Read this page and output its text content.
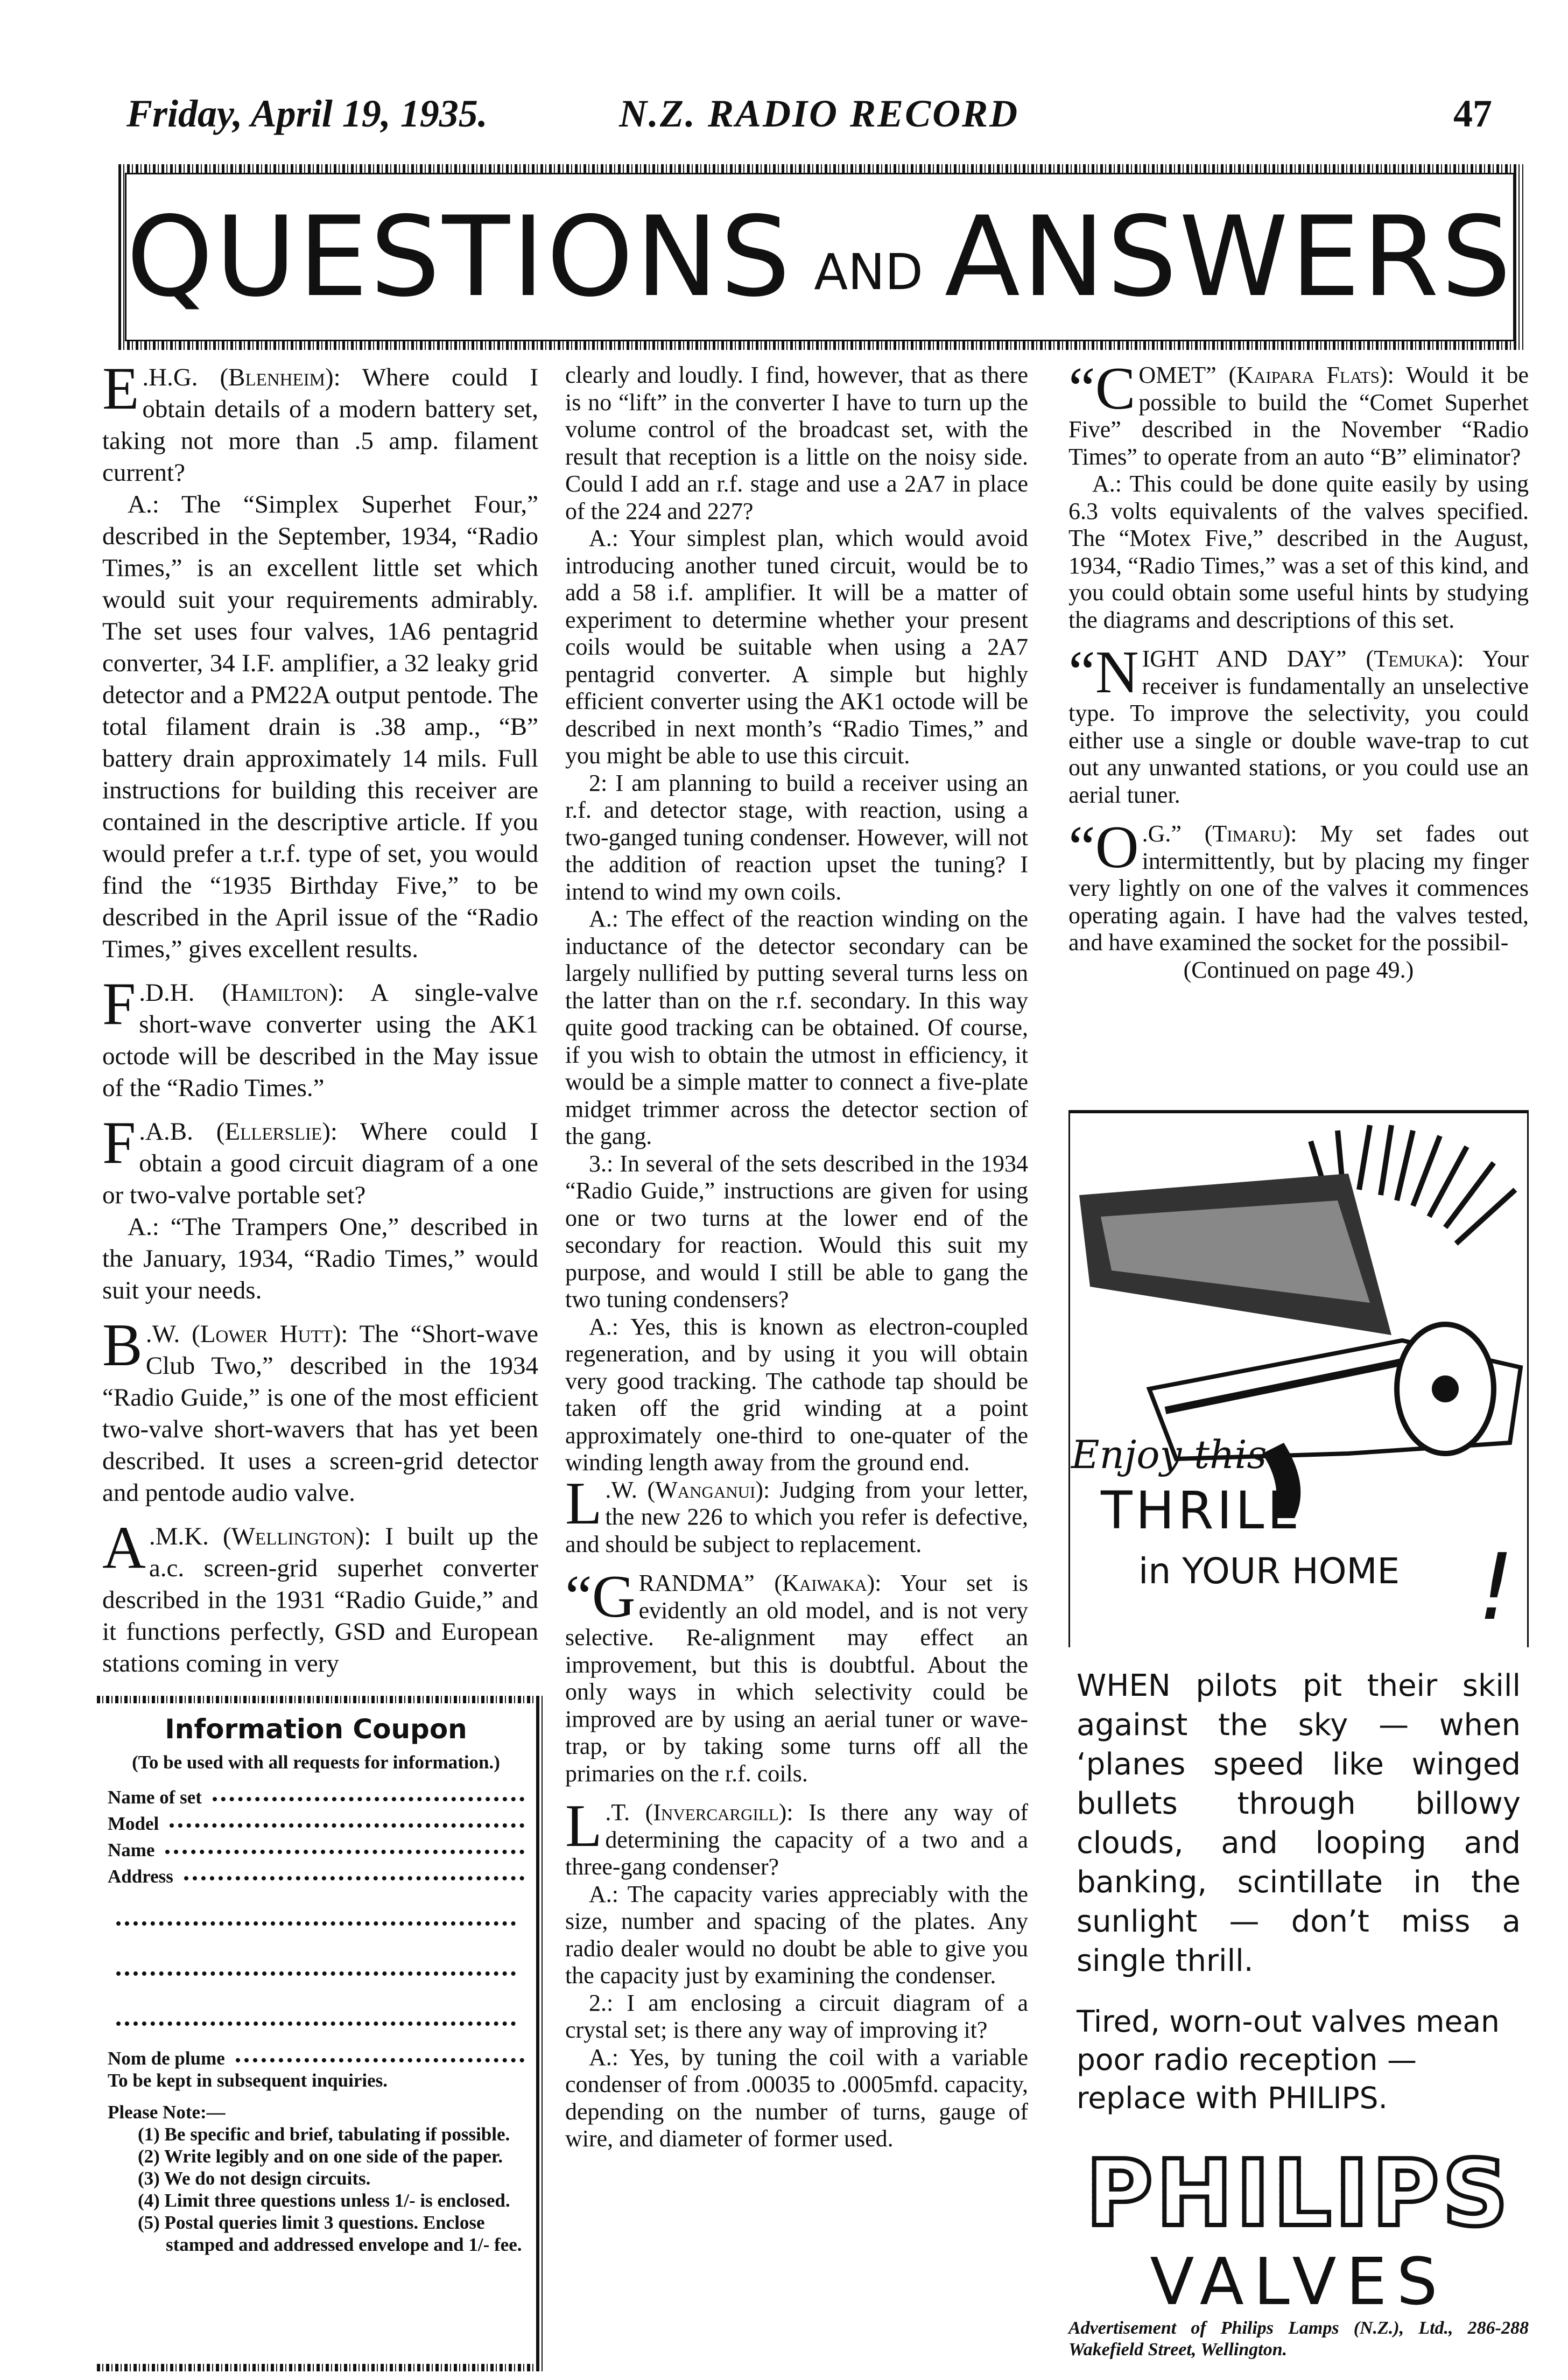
Friday, April 19, 1935.	N.Z. RADIO RECORD	47
QUESTIONS AND ANSWERS

E .H.G. (Blenheim): Where could I obtain details of a modern battery set, taking not more than .5 amp. filament current?

A.: The “Simplex Superhet Four,” described in the September, 1934, “Radio Times,” is an excellent little set which would suit your requirements admirably. The set uses four valves, 1A6 pentagrid converter, 34 I.F. amplifier, a 32 leaky grid detector and a PM22A output pentode. The total filament drain is .38 amp., “B” battery drain approximately 14 mils. Full instructions for building this receiver are contained in the descriptive article. If you would prefer a t.r.f. type of set, you would find the “1935 Birthday Five,” to be described in the April issue of the “Radio Times,” gives excellent results.

F .D.H. (Hamilton): A single-valve short-wave converter using the AK1 octode will be described in the May issue of the “Radio Times.”

F .A.B. (Ellerslie): Where could I obtain a good circuit diagram of a one or two-valve portable set?

A.: “The Trampers One,” described in the January, 1934, “Radio Times,” would suit your needs.

B .W. (Lower Hutt): The “Short-wave Club Two,” described in the 1934 “Radio Guide,” is one of the most efficient two-valve short-wavers that has yet been described. It uses a screen-grid detector and pentode audio valve.

A .M.K. (Wellington): I built up the a.c. screen-grid superhet converter described in the 1931 “Radio Guide,” and it functions perfectly, GSD and European stations coming in very

clearly and loudly. I find, however, that as there is no “lift” in the converter I have to turn up the volume control of the broadcast set, with the result that reception is a little on the noisy side. Could I add an r.f. stage and use a 2A7 in place of the 224 and 227?

A.: Your simplest plan, which would avoid introducing another tuned circuit, would be to add a 58 i.f. amplifier. It will be a matter of experiment to determine whether your present coils would be suitable when using a 2A7 pentagrid converter. A simple but highly efficient converter using the AK1 octode will be described in next month’s “Radio Times,” and you might be able to use this circuit.

2: I am planning to build a receiver using an r.f. and detector stage, with reaction, using a two-ganged tuning condenser. However, will not the addition of reaction upset the tuning? I intend to wind my own coils.

A.: The effect of the reaction winding on the inductance of the detector secondary can be largely nullified by putting several turns less on the latter than on the r.f. secondary. In this way quite good tracking can be obtained. Of course, if you wish to obtain the utmost in efficiency, it would be a simple matter to connect a five-plate midget trimmer across the detector section of the gang.

3.: In several of the sets described in the 1934 “Radio Guide,” instructions are given for using one or two turns at the lower end of the secondary for reaction. Would this suit my purpose, and would I still be able to gang the two tuning condensers?

A.: Yes, this is known as electron-coupled regeneration, and by using it you will obtain very good tracking. The cathode tap should be taken off the grid winding at a point approximately one-third to one-quater of the winding length away from the ground end.

L .W. (Wanganui): Judging from your letter, the new 226 to which you refer is defective, and should be subject to replacement.

“GRANDMA” (Kaiwaka): Your set is evidently an old model, and is not very selective. Re-alignment may effect an improvement, but this is doubtful. About the only ways in which selectivity could be improved are by using an aerial tuner or wave-trap, or by taking some turns off all the primaries on the r.f. coils.

L .T. (Invercargill): Is there any way of determining the capacity of a two and a three-gang condenser?

A.: The capacity varies appreciably with the size, number and spacing of the plates. Any radio dealer would no doubt be able to give you the capacity just by examining the condenser.

2.: I am enclosing a circuit diagram of a crystal set; is there any way of improving it?

A.: Yes, by tuning the coil with a variable condenser of from .00035 to .0005mfd. capacity, depending on the number of turns, gauge of wire, and diameter of former used.

“COMET” (Kaipara Flats): Would it be possible to build the “Comet Superhet Five” described in the November “Radio Times” to operate from an auto “B” eliminator?

A.: This could be done quite easily by using 6.3 volts equivalents of the valves specified. The “Motex Five,” described in the August, 1934, “Radio Times,” was a set of this kind, and you could obtain some useful hints by studying the diagrams and descriptions of this set.

“NIGHT AND DAY” (Temuka): Your receiver is fundamentally an unselective type. To improve the selectivity, you could either use a single or double wave-trap to cut out any unwanted stations, or you could use an aerial tuner.

“O .G.” (Timaru): My set fades out intermittently, but by placing my finger very lightly on one of the valves it commences operating again. I have had the valves tested, and have examined the socket for the possibil-

(Continued on page 49.)

Information Coupon
(To be used with all requests for information.)
Name of set
Model
Name
Address
Nom de plume
To be kept in subsequent inquiries.
Please Note:—
(1) Be specific and brief, tabulating if possible.
(2) Write legibly and on one side of the paper.
(3) We do not design circuits.
(4) Limit three questions unless 1/- is enclosed.
(5) Postal queries limit 3 questions. Enclose stamped and addressed envelope and 1/- fee.
Enjoy this
THRILL
in YOUR HOME !
WHEN pilots pit their skill against the sky — when ‘planes speed like winged bullets through billowy clouds, and looping and banking, scintillate in the sunlight — don’t miss a single thrill.
Tired, worn-out valves mean poor radio reception — replace with PHILIPS.
PHILIPS
VALVES
Advertisement of Philips Lamps (N.Z.), Ltd., 286-288 Wakefield Street, Wellington.
